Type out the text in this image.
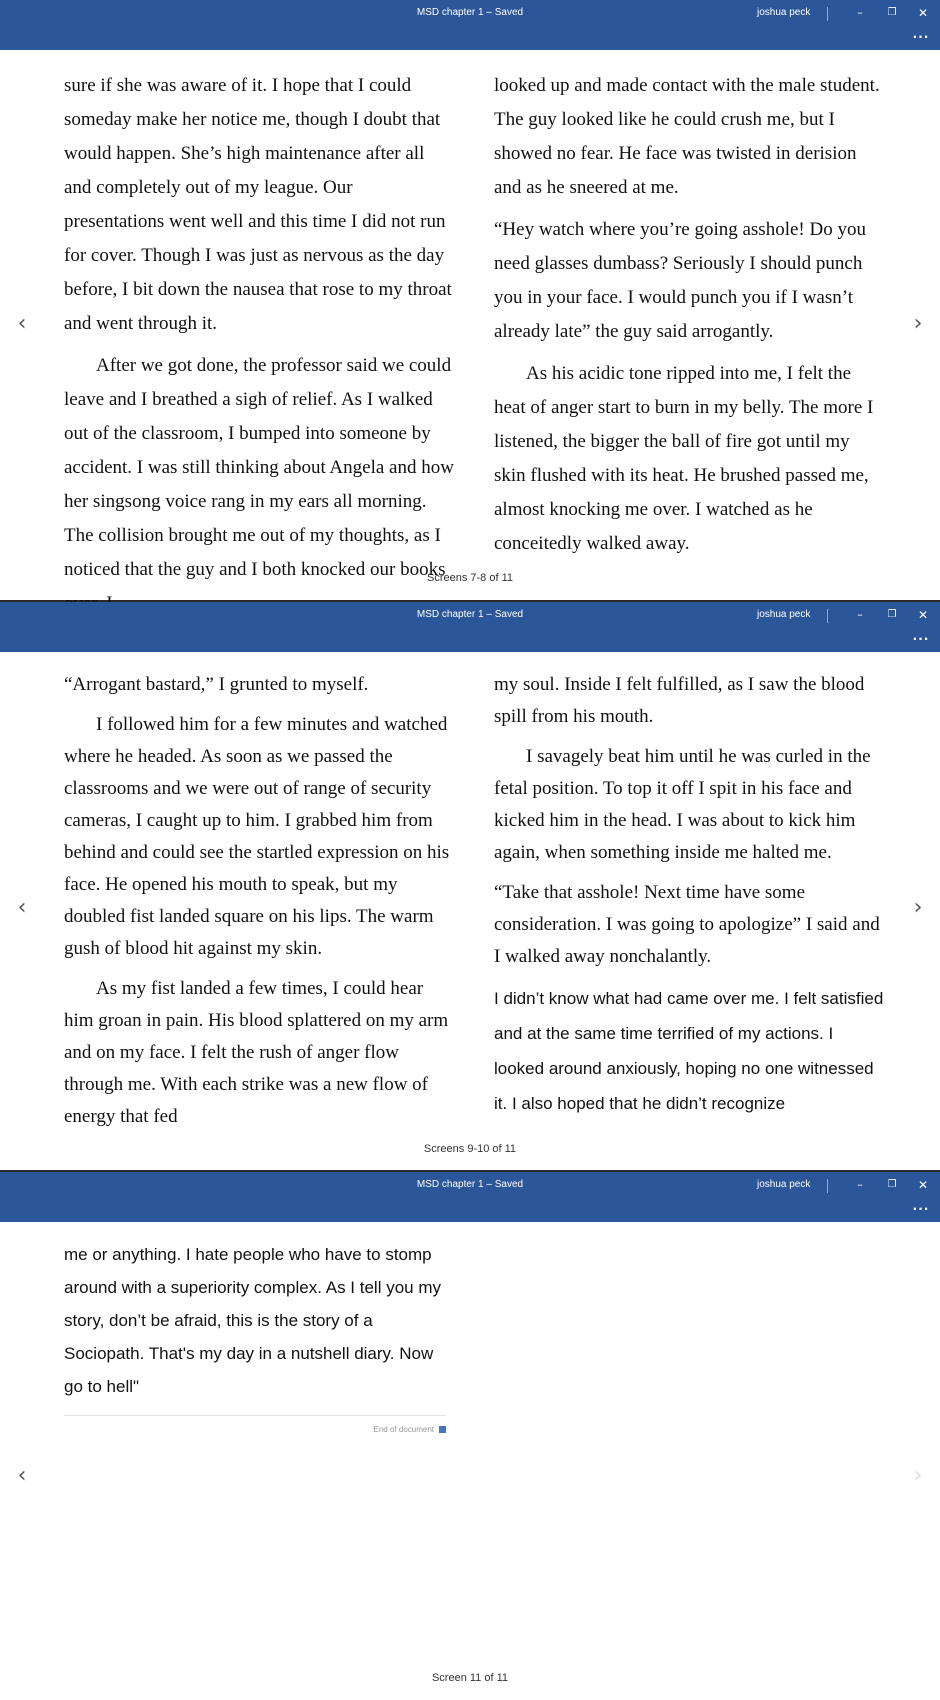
MSD chapter 1 – Saved	joshua peck	–	❐	✕
...

sure if she was aware of it. I hope that I could someday make her notice me, though I doubt that would happen. She’s high maintenance after all and completely out of my league. Our presentations went well and this time I did not run for cover. Though I was just as nervous as the day before, I bit down the nausea that rose to my throat and went through it.

After we got done, the professor said we could leave and I breathed a sigh of relief. As I walked out of the classroom, I bumped into someone by accident. I was still thinking about Angela and how her singsong voice rang in my ears all morning. The collision brought me out of my thoughts, as I noticed that the guy and I both knocked our books

looked up and made contact with the male student. The guy looked like he could crush me, but I showed no fear. He face was twisted in derision and as he sneered at me.

“Hey watch where you’re going asshole! Do you need glasses dumbass? Seriously I should punch you in your face. I would punch you if I wasn’t already late” the guy said arrogantly.

As his acidic tone ripped into me, I felt the heat of anger start to burn in my belly. The more I listened, the bigger the ball of fire got until my skin flushed with its heat. He brushed passed me, almost knocking me over. I watched as he conceitedly walked away.

‹	›
Screens 7-8 of 11
MSD chapter 1 – Saved	joshua peck	–	❐	✕
...

“Arrogant bastard,” I grunted to myself.

I followed him for a few minutes and watched where he headed. As soon as we passed the classrooms and we were out of range of security cameras, I caught up to him. I grabbed him from behind and could see the startled expression on his face. He opened his mouth to speak, but my doubled fist landed square on his lips. The warm gush of blood hit against my skin.

As my fist landed a few times, I could hear him groan in pain. His blood splattered on my arm and on my face. I felt the rush of anger flow through me. With each strike was a new flow of energy that fed

my soul. Inside I felt fulfilled, as I saw the blood spill from his mouth.

I savagely beat him until he was curled in the fetal position. To top it off I spit in his face and kicked him in the head. I was about to kick him again, when something inside me halted me.

“Take that asshole! Next time have some consideration. I was going to apologize” I said and I walked away nonchalantly.

I didn’t know what had came over me. I felt satisfied and at the same time terrified of my actions. I looked around anxiously, hoping no one witnessed it. I also hoped that he didn’t recognize

‹	›
Screens 9-10 of 11
MSD chapter 1 – Saved	joshua peck	–	❐	✕
...

me or anything. I hate people who have to stomp around with a superiority complex. As I tell you my story, don’t be afraid, this is the story of a Sociopath. That's my day in a nutshell diary. Now go to hell"

End of document
‹	›
Screen 11 of 11
